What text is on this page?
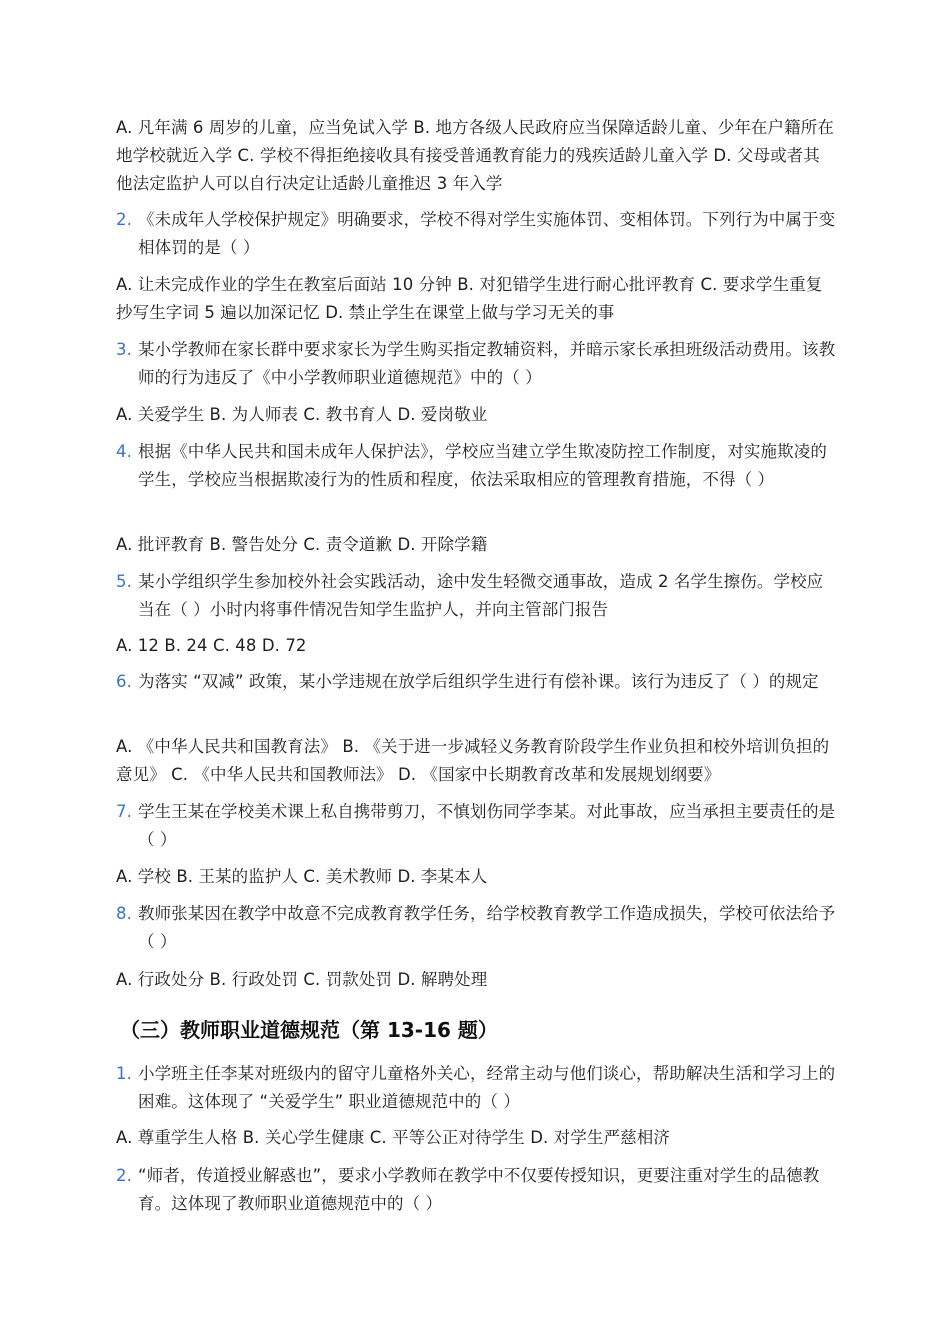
A. 凡年满 6 周岁的儿童，应当免试入学 B. 地方各级人民政府应当保障适龄儿童、少年在户籍所在地学校就近入学 C. 学校不得拒绝接收具有接受普通教育能力的残疾适龄儿童入学 D. 父母或者其他法定监护人可以自行决定让适龄儿童推迟 3 年入学
2. 《未成年人学校保护规定》明确要求，学校不得对学生实施体罚、变相体罚。下列行为中属于变相体罚的是（ ）
A. 让未完成作业的学生在教室后面站 10 分钟 B. 对犯错学生进行耐心批评教育 C. 要求学生重复抄写生字词 5 遍以加深记忆 D. 禁止学生在课堂上做与学习无关的事
3. 某小学教师在家长群中要求家长为学生购买指定教辅资料，并暗示家长承担班级活动费用。该教师的行为违反了《中小学教师职业道德规范》中的（ ）
A. 关爱学生 B. 为人师表 C. 教书育人 D. 爱岗敬业
4. 根据《中华人民共和国未成年人保护法》，学校应当建立学生欺凌防控工作制度，对实施欺凌的学生，学校应当根据欺凌行为的性质和程度，依法采取相应的管理教育措施，不得（ ）
A. 批评教育 B. 警告处分 C. 责令道歉 D. 开除学籍
5. 某小学组织学生参加校外社会实践活动，途中发生轻微交通事故，造成 2 名学生擦伤。学校应当在（ ）小时内将事件情况告知学生监护人，并向主管部门报告
A. 12 B. 24 C. 48 D. 72
6. 为落实 “双减” 政策，某小学违规在放学后组织学生进行有偿补课。该行为违反了（ ）的规定
A. 《中华人民共和国教育法》 B. 《关于进一步减轻义务教育阶段学生作业负担和校外培训负担的意见》 C. 《中华人民共和国教师法》 D. 《国家中长期教育改革和发展规划纲要》
7. 学生王某在学校美术课上私自携带剪刀，不慎划伤同学李某。对此事故，应当承担主要责任的是（ ）
A. 学校 B. 王某的监护人 C. 美术教师 D. 李某本人
8. 教师张某因在教学中故意不完成教育教学任务，给学校教育教学工作造成损失，学校可依法给予（ ）
A. 行政处分 B. 行政处罚 C. 罚款处罚 D. 解聘处理
（三）教师职业道德规范（第 13-16 题）
1. 小学班主任李某对班级内的留守儿童格外关心，经常主动与他们谈心，帮助解决生活和学习上的困难。这体现了 “关爱学生” 职业道德规范中的（ ）
A. 尊重学生人格 B. 关心学生健康 C. 平等公正对待学生 D. 对学生严慈相济
2. “师者，传道授业解惑也”，要求小学教师在教学中不仅要传授知识，更要注重对学生的品德教育。这体现了教师职业道德规范中的（ ）
